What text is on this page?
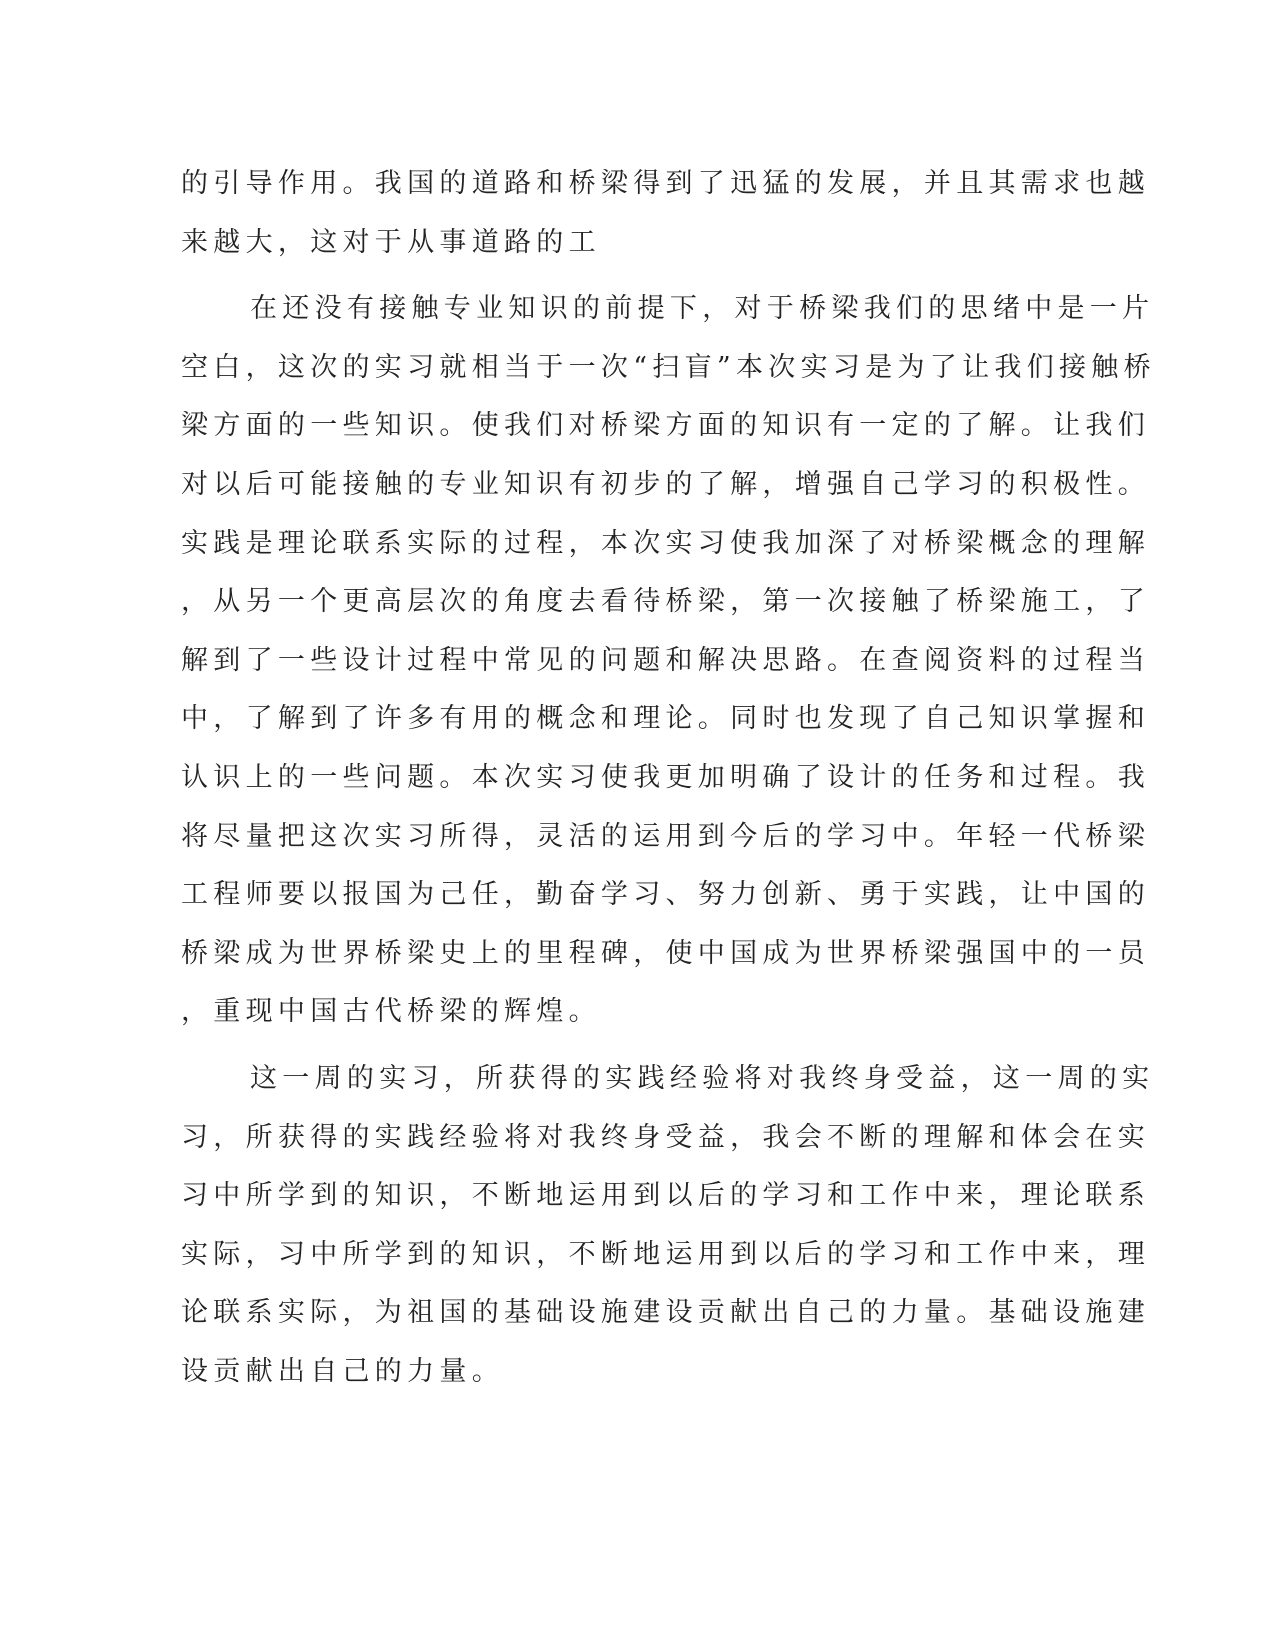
的引导作用。我国的道路和桥梁得到了迅猛的发展，并且其需求也越
来越大，这对于从事道路的工
在还没有接触专业知识的前提下，对于桥梁我们的思绪中是一片
空白，这次的实习就相当于一次“扫盲”本次实习是为了让我们接触桥
梁方面的一些知识。使我们对桥梁方面的知识有一定的了解。让我们
对以后可能接触的专业知识有初步的了解，增强自己学习的积极性。
实践是理论联系实际的过程，本次实习使我加深了对桥梁概念的理解
，从另一个更高层次的角度去看待桥梁，第一次接触了桥梁施工，了
解到了一些设计过程中常见的问题和解决思路。在查阅资料的过程当
中，了解到了许多有用的概念和理论。同时也发现了自己知识掌握和
认识上的一些问题。本次实习使我更加明确了设计的任务和过程。我
将尽量把这次实习所得，灵活的运用到今后的学习中。年轻一代桥梁
工程师要以报国为己任，勤奋学习、努力创新、勇于实践，让中国的
桥梁成为世界桥梁史上的里程碑，使中国成为世界桥梁强国中的一员
，重现中国古代桥梁的辉煌。
这一周的实习，所获得的实践经验将对我终身受益，这一周的实
习，所获得的实践经验将对我终身受益，我会不断的理解和体会在实
习中所学到的知识，不断地运用到以后的学习和工作中来，理论联系
实际，习中所学到的知识，不断地运用到以后的学习和工作中来，理
论联系实际，为祖国的基础设施建设贡献出自己的力量。基础设施建
设贡献出自己的力量。
